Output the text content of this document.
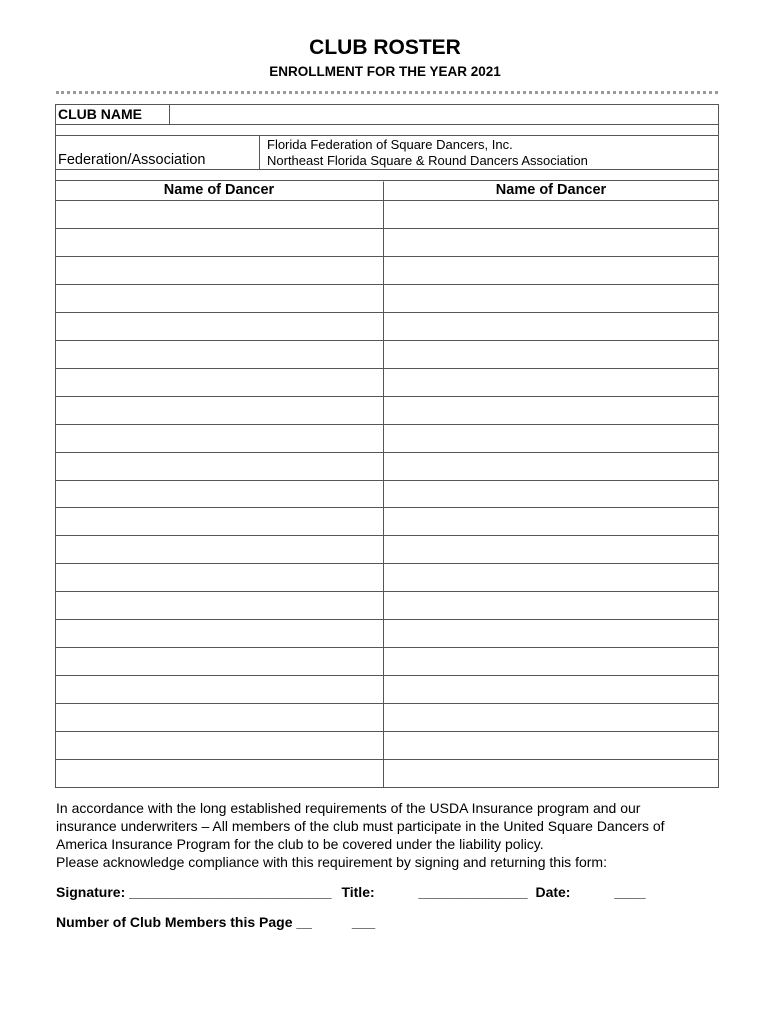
CLUB ROSTER
ENROLLMENT FOR THE YEAR 2021
CLUB NAME
Federation/Association
Florida Federation of Square Dancers, Inc.
Northeast Florida Square & Round Dancers Association
Name of Dancer	Name of Dancer
In accordance with the long established requirements of the USDA Insurance program and our
insurance underwriters – All members of the club must participate in the United Square Dancers of
America Insurance Program for the club to be covered under the liability policy.
Please acknowledge compliance with this requirement by signing and returning this form:
Signature: __________________________ Title:	______________ Date:	____
Number of Club Members this Page __	___
